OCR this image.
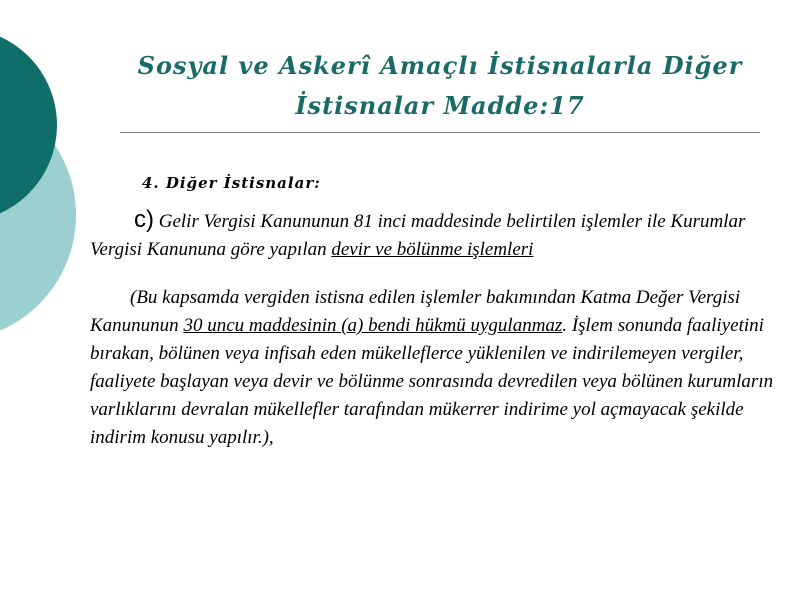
Sosyal ve Askerî Amaçlı İstisnalarla Diğer
İstisnalar Madde:17
4. Diğer İstisnalar:
c) Gelir Vergisi Kanununun 81 inci maddesinde belirtilen işlemler ile Kurumlar Vergisi Kanununa göre yapılan devir ve bölünme işlemleri
(Bu kapsamda vergiden istisna edilen işlemler bakımından Katma Değer Vergisi Kanununun 30 uncu maddesinin (a) bendi hükmü uygulanmaz. İşlem sonunda faaliyetini bırakan, bölünen veya infisah eden mükelleflerce yüklenilen ve indirilemeyen vergiler, faaliyete başlayan veya devir ve bölünme sonrasında devredilen veya bölünen kurumların varlıklarını devralan mükellefler tarafından mükerrer indirime yol açmayacak şekilde indirim konusu yapılır.),
